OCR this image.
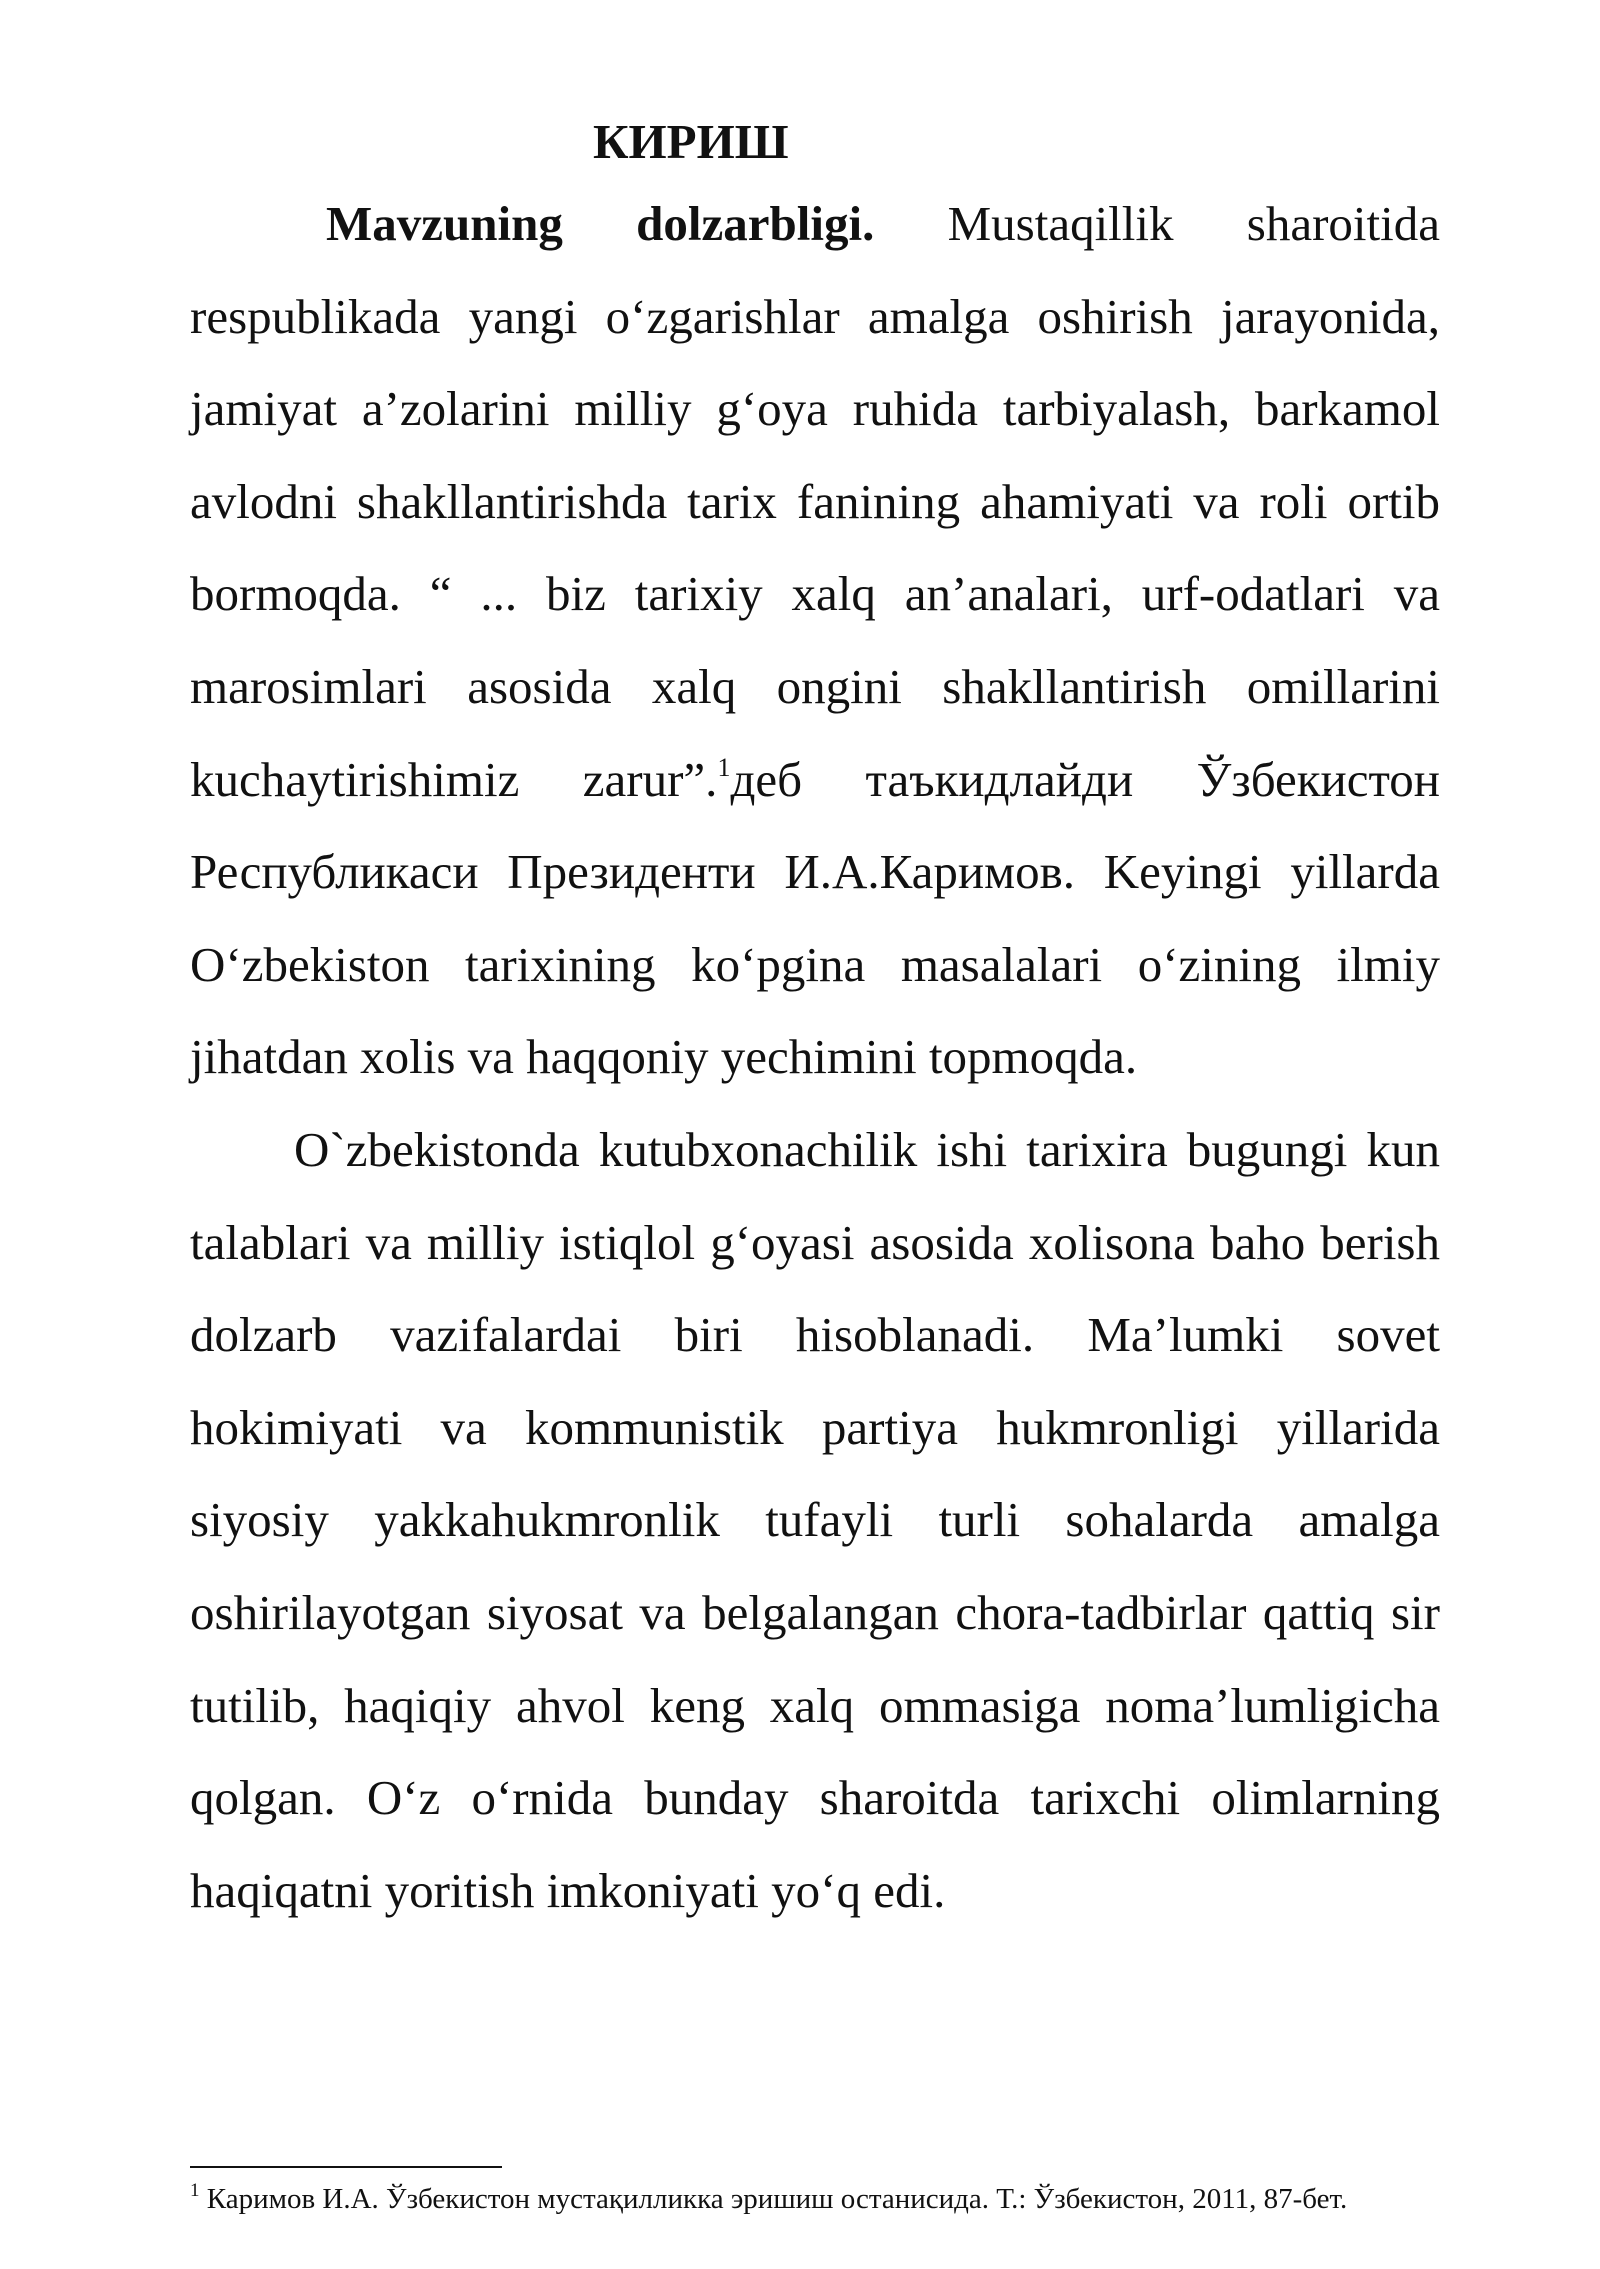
КИРИШ

Mavzuning dolzarbligi. Mustaqillik sharoitida respublikada yangi o‘zgarishlar amalga oshirish jarayonida, jamiyat a’zolarini milliy g‘oya ruhida tarbiyalash, barkamol avlodni shakllantirishda tarix fanining ahamiyati va roli ortib bormoqda. “ ... biz tarixiy xalq an’analari, urf-odatlari va marosimlari asosida xalq ongini shakllantirish omillarini kuchaytirishimiz zarur”.$^1$деб таъкидлайди Ўзбекистон Республикаси Президенти И.А.Каримов. Keyingi yillarda O‘zbekiston tarixining ko‘pgina masalalari o‘zining ilmiy jihatdan xolis va haqqoniy yechimini topmoqda.

O`zbekistonda kutubxonachilik ishi tarixira bugungi kun talablari va milliy istiqlol g‘oyasi asosida xolisona baho berish dolzarb vazifalardai biri hisoblanadi. Ma’lumki sovet hokimiyati va kommunistik partiya hukmronligi yillarida siyosiy yakkahukmronlik tufayli turli sohalarda amalga oshirilayotgan siyosat va belgalangan chora-tadbirlar qattiq sir tutilib, haqiqiy ahvol keng xalq ommasiga noma’lumligicha qolgan. O‘z o‘rnida bunday sharoitda tarixchi olimlarning haqiqatni yoritish imkoniyati yo‘q edi.

$^1$ Каримов И.А. Ўзбекистон мустақилликка эришиш останисида. Т.: Ўзбекистон, 2011, 87-бет.
